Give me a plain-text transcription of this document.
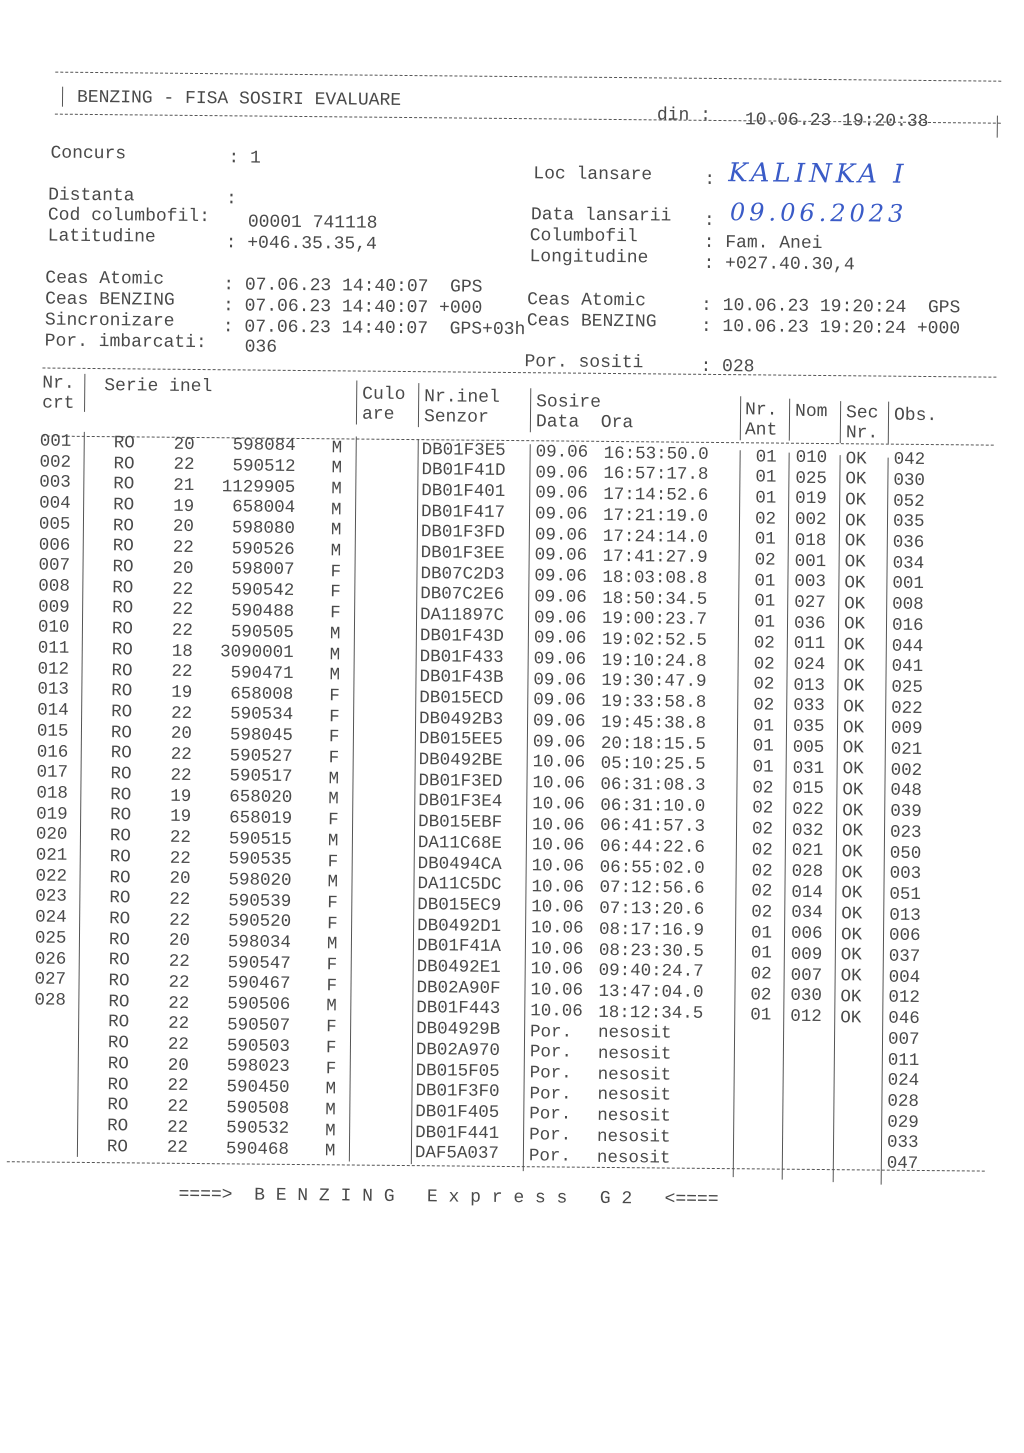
BENZING - FISA SOSIRI EVALUARE
din : 10.06.23 19:20:38
Concurs	: 1
Distanta	:
Cod columbofil: 00001 741118
Latitudine	: +046.35.35,4
Loc lansare	: KALINKA I
Data lansarii : 09.06.2023
Columbofil	: Fam. Anei
Longitudine	: +027.40.30,4
Ceas Atomic	: 07.06.23 14:40:07  GPS
Ceas BENZING	: 07.06.23 14:40:07 +000
Sincronizare	: 07.06.23 14:40:07  GPS+03h
Por. imbarcati: 036
Ceas Atomic	: 10.06.23 19:20:24  GPS
Ceas BENZING : 10.06.23 19:20:24 +000
Por. sositi	: 028
Nr.
crt
Serie inel	Culo
are
Nr.inel
Senzor
Sosire
Data  Ora
Nr.
Ant
Nom Sec
Nr.
Obs.
001 RO 20	598084 M	DB01F3E5 09.06 16:53:50.0	01 010 OK 042
002 RO 22	590512 M	DB01F41D 09.06 16:57:17.8	01 025 OK 030
003 RO 21	1129905 M	DB01F401 09.06 17:14:52.6	01 019 OK 052
004 RO 19	658004 M	DB01F417 09.06 17:21:19.0	02 002 OK 035
005 RO 20	598080 M	DB01F3FD 09.06 17:24:14.0	01 018 OK 036
006 RO 22	590526 M	DB01F3EE 09.06 17:41:27.9	02 001 OK 034
007 RO 20	598007 F	DB07C2D3 09.06 18:03:08.8	01 003 OK 001
008 RO 22	590542 F	DB07C2E6 09.06 18:50:34.5	01 027 OK 008
009 RO 22	590488 F	DA11897C 09.06 19:00:23.7	01 036 OK 016
010 RO 22	590505 M	DB01F43D 09.06 19:02:52.5	02 011 OK 044
011 RO 18	3090001 M	DB01F433 09.06 19:10:24.8	02 024 OK 041
012 RO 22	590471 M	DB01F43B 09.06 19:30:47.9	02 013 OK 025
013 RO 19	658008 F	DB015ECD 09.06 19:33:58.8	02 033 OK 022
014 RO 22	590534 F	DB0492B3 09.06 19:45:38.8	01 035 OK 009
015 RO 20	598045 F	DB015EE5 09.06 20:18:15.5	01 005 OK 021
016 RO 22	590527 F	DB0492BE 10.06 05:10:25.5	01 031 OK 002
017 RO 22	590517 M	DB01F3ED 10.06 06:31:08.3	02 015 OK 048
018 RO 19	658020 M	DB01F3E4 10.06 06:31:10.0	02 022 OK 039
019 RO 19	658019 F	DB015EBF 10.06 06:41:57.3	02 032 OK 023
020 RO 22	590515 M	DA11C68E 10.06 06:44:22.6	02 021 OK 050
021 RO 22	590535 F	DB0494CA 10.06 06:55:02.0	02 028 OK 003
022 RO 20	598020 M	DA11C5DC 10.06 07:12:56.6	02 014 OK 051
023 RO 22	590539 F	DB015EC9 10.06 07:13:20.6	02 034 OK 013
024 RO 22	590520 F	DB0492D1 10.06 08:17:16.9	01 006 OK 006
025 RO 20	598034 M	DB01F41A 10.06 08:23:30.5	01 009 OK 037
026 RO 22	590547 F	DB0492E1 10.06 09:40:24.7	02 007 OK 004
027 RO 22	590467 F	DB02A90F 10.06 13:47:04.0	02 030 OK 012
028 RO 22	590506 M	DB01F443 10.06 18:12:34.5	01 012 OK 046
RO 22	590507 F	DB04929B Por. nesosit	007
RO 22	590503 F	DB02A970 Por. nesosit	011
RO 20	598023 F	DB015F05 Por. nesosit	024
RO 22	590450 M	DB01F3F0 Por. nesosit	028
RO 22	590508 M	DB01F405 Por. nesosit	029
RO 22	590532 M	DB01F441 Por. nesosit	033
RO 22	590468 M	DAF5A037 Por. nesosit	047
====>  B E N Z I N G   E x p r e s s   G 2   <====
